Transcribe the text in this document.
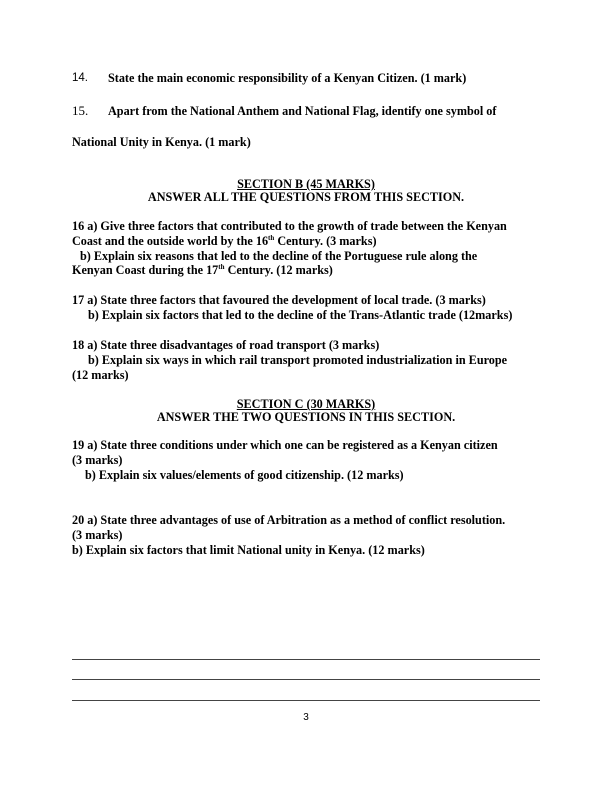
14. State the main economic responsibility of a Kenyan Citizen. (1 mark)
15. Apart from the National Anthem and National Flag, identify one symbol of
National Unity in Kenya. (1 mark)
SECTION B (45 MARKS)
ANSWER ALL THE QUESTIONS FROM THIS SECTION.
16 a) Give three factors that contributed to the growth of trade between the Kenyan
Coast and the outside world by the 16th Century. (3 marks)
b) Explain six reasons that led to the decline of the Portuguese rule along the
Kenyan Coast during the 17th Century. (12 marks)
17 a) State three factors that favoured the development of local trade. (3 marks)
b) Explain six factors that led to the decline of the Trans-Atlantic trade (12marks)
18 a) State three disadvantages of road transport (3 marks)
b) Explain six ways in which rail transport promoted industrialization in Europe
(12 marks)
SECTION C (30 MARKS)
ANSWER THE TWO QUESTIONS IN THIS SECTION.
19 a) State three conditions under which one can be registered as a Kenyan citizen
(3 marks)
b) Explain six values/elements of good citizenship. (12 marks)
20 a) State three advantages of use of Arbitration as a method of conflict resolution.
(3 marks)
b) Explain six factors that limit National unity in Kenya. (12 marks)
3
